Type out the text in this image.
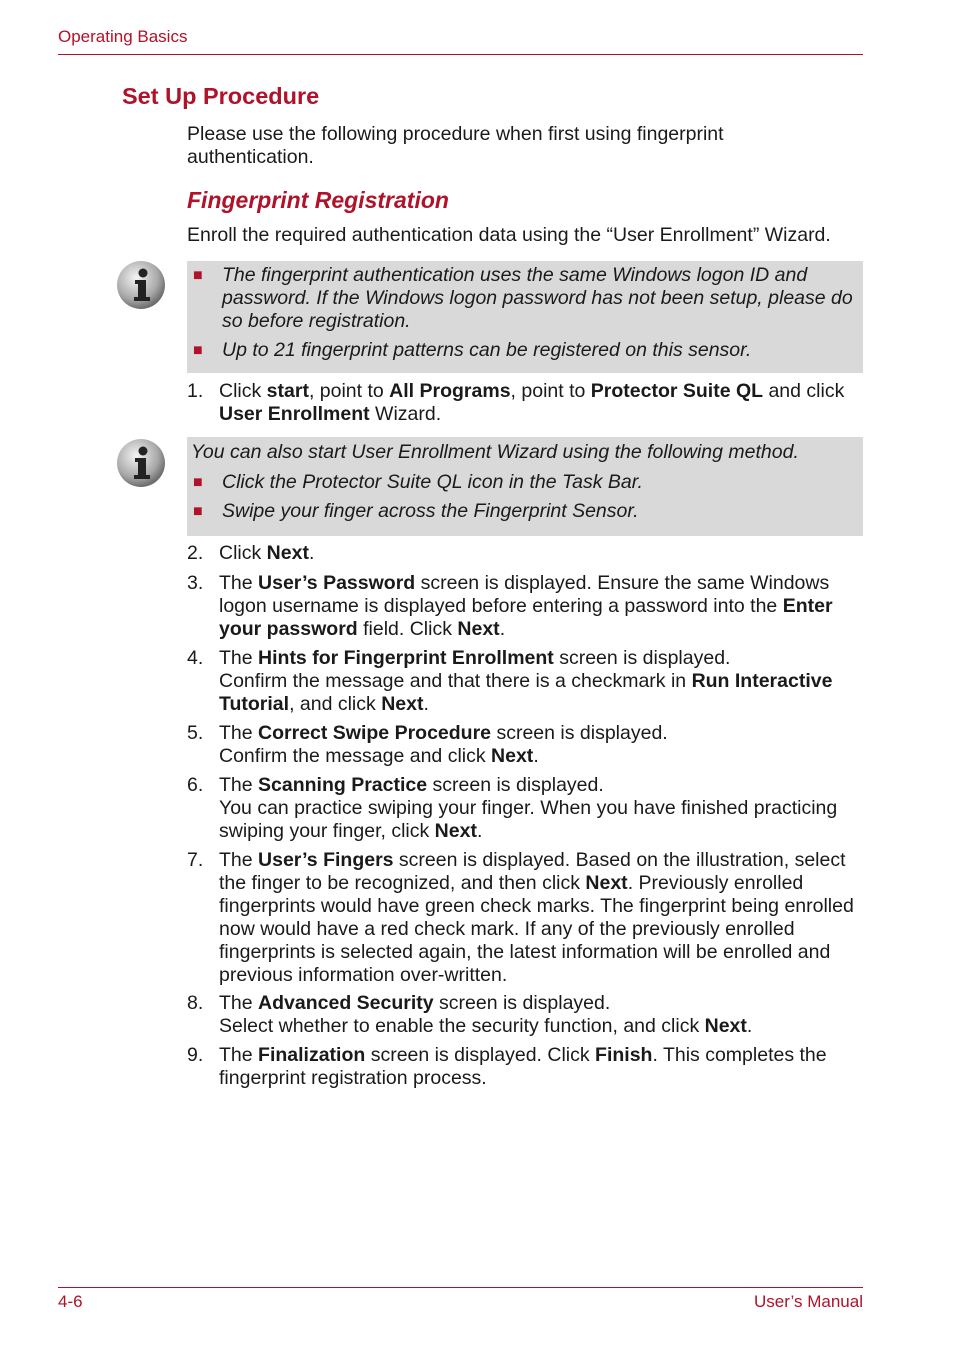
Operating Basics
Set Up Procedure
Please use the following procedure when first using fingerprint authentication.
Fingerprint Registration
Enroll the required authentication data using the “User Enrollment” Wizard.
■ The fingerprint authentication uses the same Windows logon ID and password. If the Windows logon password has not been setup, please do so before registration.
■ Up to 21 fingerprint patterns can be registered on this sensor.
1. Click start, point to All Programs, point to Protector Suite QL and click User Enrollment Wizard.
You can also start User Enrollment Wizard using the following method.
■ Click the Protector Suite QL icon in the Task Bar.
■ Swipe your finger across the Fingerprint Sensor.
2. Click Next.
3. The User’s Password screen is displayed. Ensure the same Windows logon username is displayed before entering a password into the Enter your password field. Click Next.
4. The Hints for Fingerprint Enrollment screen is displayed.
Confirm the message and that there is a checkmark in Run Interactive Tutorial, and click Next.
5. The Correct Swipe Procedure screen is displayed.
Confirm the message and click Next.
6. The Scanning Practice screen is displayed.
You can practice swiping your finger. When you have finished practicing swiping your finger, click Next.
7. The User’s Fingers screen is displayed. Based on the illustration, select the finger to be recognized, and then click Next. Previously enrolled fingerprints would have green check marks. The fingerprint being enrolled now would have a red check mark. If any of the previously enrolled fingerprints is selected again, the latest information will be enrolled and previous information over-written.
8. The Advanced Security screen is displayed.
Select whether to enable the security function, and click Next.
9. The Finalization screen is displayed. Click Finish. This completes the fingerprint registration process.
4-6	User’s Manual
